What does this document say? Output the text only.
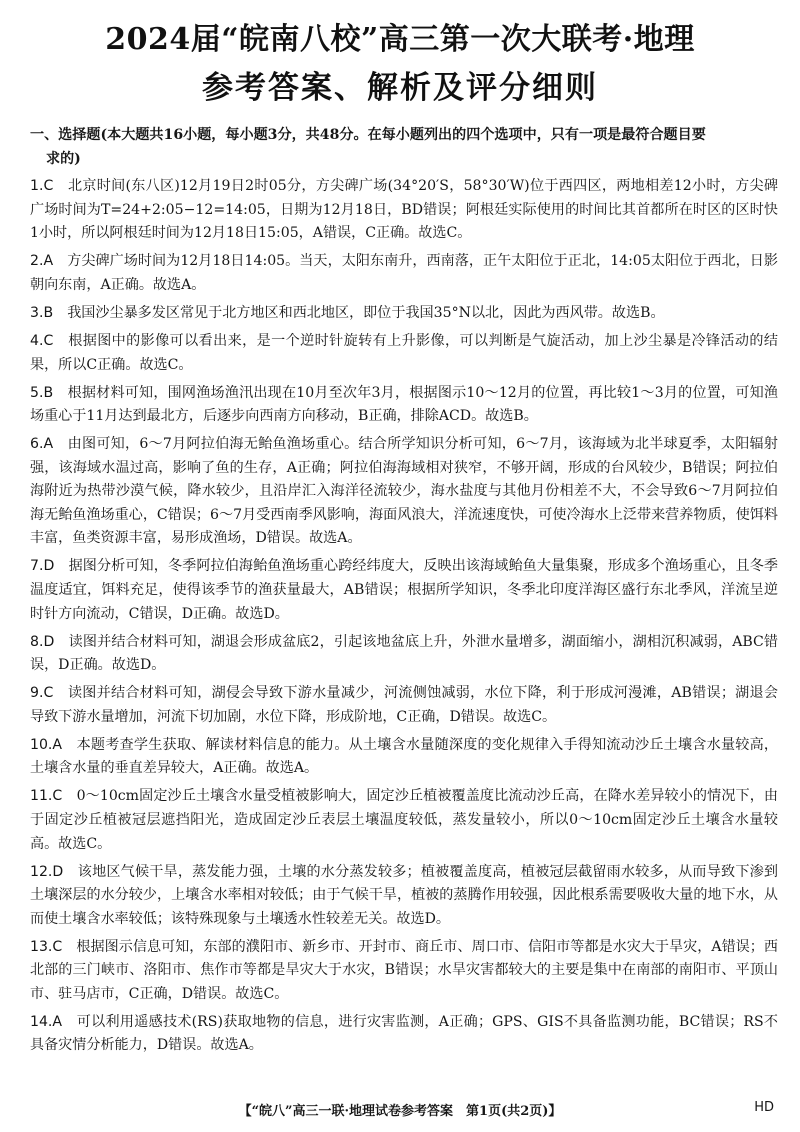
2024届“皖南八校”高三第一次大联考·地理
参考答案、解析及评分细则
一、选择题(本大题共16小题，每小题3分，共48分。在每小题列出的四个选项中，只有一项是最符合题目要
求的)

1.C　 北京时间(东八区)12月19日2时05分，方尖碑广场(34°20′S，58°30′W)位于西四区，两地相差12小时，方尖碑广场时间为T=24+2:05−12=14:05，日期为12月18日，BD错误；阿根廷实际使用的时间比其首都所在时区的区时快1小时，所以阿根廷时间为12月18日15:05，A错误，C正确。故选C。

2.A　 方尖碑广场时间为12月18日14:05。当天，太阳东南升，西南落，正午太阳位于正北，14:05太阳位于西北，日影朝向东南，A正确。故选A。

3.B　 我国沙尘暴多发区常见于北方地区和西北地区，即位于我国35°N以北，因此为西风带。故选B。

4.C　 根据图中的影像可以看出来，是一个逆时针旋转有上升影像，可以判断是气旋活动，加上沙尘暴是冷锋活动的结果，所以C正确。故选C。

5.B　 根据材料可知，围网渔场渔汛出现在10月至次年3月，根据图示10～12月的位置，再比较1～3月的位置，可知渔场重心于11月达到最北方，后逐步向西南方向移动，B正确，排除ACD。故选B。

6.A　 由图可知，6～7月阿拉伯海无鲐鱼渔场重心。结合所学知识分析可知，6～7月，该海域为北半球夏季，太阳辐射强，该海域水温过高，影响了鱼的生存，A正确；阿拉伯海海域相对狭窄，不够开阔，形成的台风较少，B错误；阿拉伯海附近为热带沙漠气候，降水较少，且沿岸汇入海洋径流较少，海水盐度与其他月份相差不大，不会导致6～7月阿拉伯海无鲐鱼渔场重心，C错误；6～7月受西南季风影响，海面风浪大，洋流速度快，可使冷海水上泛带来营养物质，使饵料丰富，鱼类资源丰富，易形成渔场，D错误。故选A。

7.D　 据图分析可知，冬季阿拉伯海鲐鱼渔场重心跨经纬度大，反映出该海域鲐鱼大量集聚，形成多个渔场重心，且冬季温度适宜，饵料充足，使得该季节的渔获量最大，AB错误；根据所学知识，冬季北印度洋海区盛行东北季风，洋流呈逆时针方向流动，C错误，D正确。故选D。

8.D　 读图并结合材料可知，湖退会形成盆底2，引起该地盆底上升，外泄水量增多，湖面缩小，湖相沉积减弱，ABC错误，D正确。故选D。

9.C　 读图并结合材料可知，湖侵会导致下游水量减少，河流侧蚀减弱，水位下降，利于形成河漫滩，AB错误；湖退会导致下游水量增加，河流下切加剧，水位下降，形成阶地，C正确，D错误。故选C。

10.A　 本题考查学生获取、解读材料信息的能力。从土壤含水量随深度的变化规律入手得知流动沙丘土壤含水量较高，土壤含水量的垂直差异较大，A正确。故选A。

11.C　 0～10cm固定沙丘土壤含水量受植被影响大，固定沙丘植被覆盖度比流动沙丘高，在降水差异较小的情况下，由于固定沙丘植被冠层遮挡阳光，造成固定沙丘表层土壤温度较低，蒸发量较小，所以0～10cm固定沙丘土壤含水量较高。故选C。

12.D　 该地区气候干旱，蒸发能力强，土壤的水分蒸发较多；植被覆盖度高，植被冠层截留雨水较多，从而导致下渗到土壤深层的水分较少，上壤含水率相对较低；由于气候干旱，植被的蒸腾作用较强，因此根系需要吸收大量的地下水，从而使土壤含水率较低；该特殊现象与土壤透水性较差无关。故选D。

13.C　 根据图示信息可知，东部的濮阳市、新乡市、开封市、商丘市、周口市、信阳市等都是水灾大于旱灾，A错误；西北部的三门峡市、洛阳市、焦作市等都是旱灾大于水灾，B错误；水旱灾害都较大的主要是集中在南部的南阳市、平顶山市、驻马店市，C正确，D错误。故选C。

14.A　 可以利用遥感技术(RS)获取地物的信息，进行灾害监测，A正确；GPS、GIS不具备监测功能，BC错误；RS不具备灾情分析能力，D错误。故选A。

【“皖八”高三一联·地理试卷参考答案　第1页(共2页)】	HD
